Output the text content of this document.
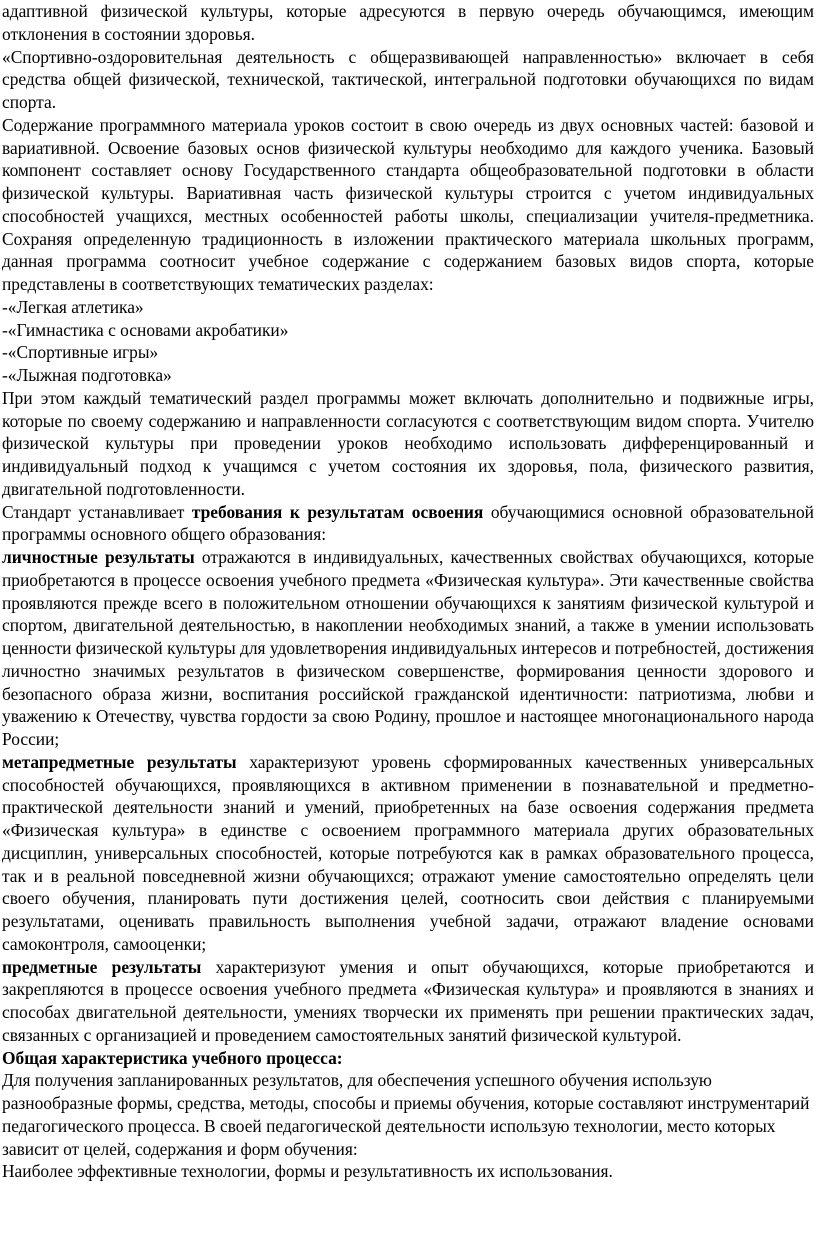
адаптивной физической культуры, которые адресуются в первую очередь обучающимся, имеющим отклонения в состоянии здоровья.

«Спортивно-оздоровительная деятельность с общеразвивающей направленностью» включает в себя средства общей физической, технической, тактической, интегральной подготовки обучающихся по видам спорта.

Содержание программного материала уроков состоит в свою очередь из двух основных частей: базовой и вариативной. Освоение базовых основ физической культуры необходимо для каждого ученика. Базовый компонент составляет основу Государственного стандарта общеобразовательной подготовки в области физической культуры. Вариативная часть физической культуры строится с учетом индивидуальных способностей учащихся, местных особенностей работы школы, специализации учителя-предметника. Сохраняя определенную традиционность в изложении практического материала школьных программ, данная программа соотносит учебное содержание с содержанием базовых видов спорта, которые представлены в соответствующих тематических разделах:

-«Легкая атлетика»

-«Гимнастика с основами акробатики»

-«Спортивные игры»

-«Лыжная подготовка»

При этом каждый тематический раздел программы может включать дополнительно и подвижные игры, которые по своему содержанию и направленности согласуются с соответствующим видом спорта. Учителю физической культуры при проведении уроков необходимо использовать дифференцированный и индивидуальный подход к учащимся с учетом состояния их здоровья, пола, физического развития, двигательной подготовленности.

Стандарт устанавливает требования к результатам освоения обучающимися основной образовательной программы основного общего образования:

личностные результаты отражаются в индивидуальных, качественных свойствах обучающихся, которые приобретаются в процессе освоения учебного предмета «Физическая культура». Эти качественные свойства проявляются прежде всего в положительном отношении обучающихся к занятиям физической культурой и спортом, двигательной деятельностью, в накоплении необходимых знаний, а также в умении использовать ценности физической культуры для удовлетворения индивидуальных интересов и потребностей, достижения личностно значимых результатов в физическом совершенстве, формирования ценности здорового и безопасного образа жизни, воспитания российской гражданской идентичности: патриотизма, любви и уважению к Отечеству, чувства гордости за свою Родину, прошлое и настоящее многонационального народа России;

метапредметные результаты характеризуют уровень сформированных качественных универсальных способностей обучающихся, проявляющихся в активном применении в познавательной и предметно-практической деятельности знаний и умений, приобретенных на базе освоения содержания предмета «Физическая культура» в единстве с освоением программного материала других образовательных дисциплин, универсальных способностей, которые потребуются как в рамках образовательного процесса, так и в реальной повседневной жизни обучающихся; отражают умение самостоятельно определять цели своего обучения, планировать пути достижения целей, соотносить свои действия с планируемыми результатами, оценивать правильность выполнения учебной задачи, отражают владение основами самоконтроля, самооценки;

предметные результаты характеризуют умения и опыт обучающихся, которые приобретаются и закрепляются в процессе освоения учебного предмета «Физическая культура» и проявляются в знаниях и способах двигательной деятельности, умениях творчески их применять при решении практических задач, связанных с организацией и проведением самостоятельных занятий физической культурой.

Общая характеристика учебного процесса:

Для получения запланированных результатов, для обеспечения успешного обучения использую разнообразные формы, средства, методы, способы и приемы обучения, которые составляют инструментарий педагогического процесса. В своей педагогической деятельности использую технологии, место которых зависит от целей, содержания и форм обучения:

Наиболее эффективные технологии, формы и результативность их использования.
